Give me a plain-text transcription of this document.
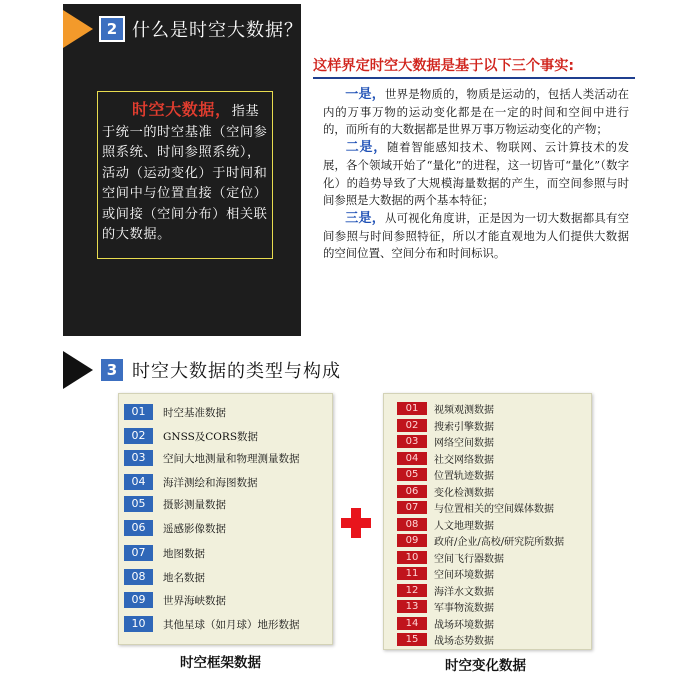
2 什么是时空大数据？
时空大数据，指基于统一的时空基准（空间参照系统、时间参照系统），活动（运动变化）于时间和空间中与位置直接（定位）或间接（空间分布）相关联的大数据。
这样界定时空大数据是基于以下三个事实:

一是，世界是物质的，物质是运动的，包括人类活动在内的万事万物的运动变化都是在一定的时间和空间中进行的，而所有的大数据都是世界万事万物运动变化的产物；

二是，随着智能感知技术、物联网、云计算技术的发展，各个领域开始了“量化”的进程，这一切皆可“量化”（数字化）的趋势导致了大规模海量数据的产生，而空间参照与时间参照是大数据的两个基本特征；

三是，从可视化角度讲，正是因为一切大数据都具有空间参照与时间参照特征，所以才能直观地为人们提供大数据的空间位置、空间分布和时间标识。

3 时空大数据的类型与构成
01	时空基准数据
02	GNSS及CORS数据
03	空间大地测量和物理测量数据
04	海洋测绘和海图数据
05	摄影测量数据
06	遥感影像数据
07	地图数据
08	地名数据
09	世界海峡数据
10	其他星球（如月球）地形数据
01	视频观测数据
02	搜索引擎数据
03	网络空间数据
04	社交网络数据
05	位置轨迹数据
06	变化检测数据
07	与位置相关的空间媒体数据
08	人文地理数据
09	政府/企业/高校/研究院所数据
10	空间飞行器数据
11	空间环境数据
12	海洋水文数据
13	军事物流数据
14	战场环境数据
15	战场态势数据
时空框架数据	时空变化数据
